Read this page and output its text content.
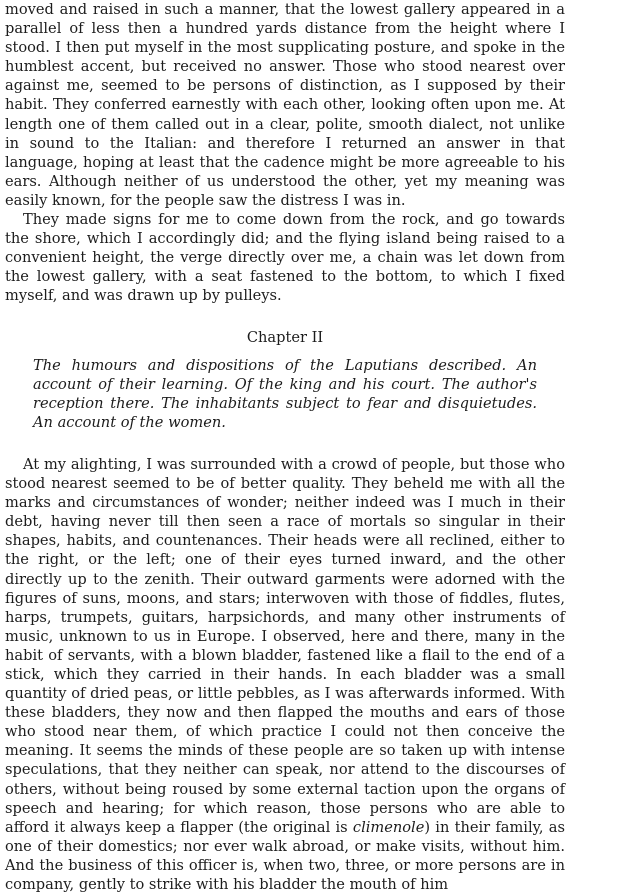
moved and raised in such a manner, that the lowest gallery appeared in a parallel of less then a hundred yards distance from the height where I stood. I then put myself in the most supplicating posture, and spoke in the humblest accent, but received no answer. Those who stood nearest over against me, seemed to be persons of distinction, as I supposed by their habit. They conferred earnestly with each other, looking often upon me. At length one of them called out in a clear, polite, smooth dialect, not unlike in sound to the Italian: and therefore I returned an answer in that language, hoping at least that the cadence might be more agreeable to his ears. Although neither of us understood the other, yet my meaning was easily known, for the people saw the distress I was in.

They made signs for me to come down from the rock, and go towards the shore, which I accordingly did; and the flying island being raised to a convenient height, the verge directly over me, a chain was let down from the lowest gallery, with a seat fastened to the bottom, to which I fixed myself, and was drawn up by pulleys.

Chapter II
The humours and dispositions of the Laputians described. An account of their learning. Of the king and his court. The author's reception there. The inhabitants subject to fear and disquietudes. An account of the women.

At my alighting, I was surrounded with a crowd of people, but those who stood nearest seemed to be of better quality. They beheld me with all the marks and circumstances of wonder; neither indeed was I much in their debt, having never till then seen a race of mortals so singular in their shapes, habits, and countenances. Their heads were all reclined, either to the right, or the left; one of their eyes turned inward, and the other directly up to the zenith. Their outward garments were adorned with the figures of suns, moons, and stars; interwoven with those of fiddles, flutes, harps, trumpets, guitars, harpsichords, and many other instruments of music, unknown to us in Europe. I observed, here and there, many in the habit of servants, with a blown bladder, fastened like a flail to the end of a stick, which they carried in their hands. In each bladder was a small quantity of dried peas, or little pebbles, as I was afterwards informed. With these bladders, they now and then flapped the mouths and ears of those who stood near them, of which practice I could not then conceive the meaning. It seems the minds of these people are so taken up with intense speculations, that they neither can speak, nor attend to the discourses of others, without being roused by some external taction upon the organs of speech and hearing; for which reason, those persons who are able to afford it always keep a flapper (the original is climenole) in their family, as one of their domestics; nor ever walk abroad, or make visits, without him. And the business of this officer is, when two, three, or more persons are in company, gently to strike with his bladder the mouth of him
